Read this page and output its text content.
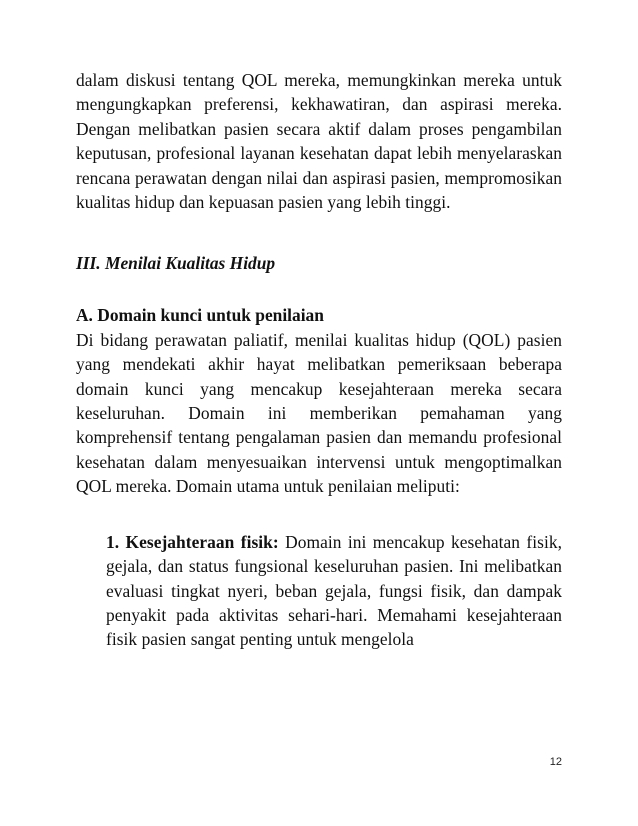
dalam diskusi tentang QOL mereka, memungkinkan mereka untuk mengungkapkan preferensi, kekhawatiran, dan aspirasi mereka. Dengan melibatkan pasien secara aktif dalam proses pengambilan keputusan, profesional layanan kesehatan dapat lebih menyelaraskan rencana perawatan dengan nilai dan aspirasi pasien, mempromosikan kualitas hidup dan kepuasan pasien yang lebih tinggi.

III. Menilai Kualitas Hidup
A. Domain kunci untuk penilaian

Di bidang perawatan paliatif, menilai kualitas hidup (QOL) pasien yang mendekati akhir hayat melibatkan pemeriksaan beberapa domain kunci yang mencakup kesejahteraan mereka secara keseluruhan. Domain ini memberikan pemahaman yang komprehensif tentang pengalaman pasien dan memandu profesional kesehatan dalam menyesuaikan intervensi untuk mengoptimalkan QOL mereka. Domain utama untuk penilaian meliputi:

1. Kesejahteraan fisik: Domain ini mencakup kesehatan fisik, gejala, dan status fungsional keseluruhan pasien. Ini melibatkan evaluasi tingkat nyeri, beban gejala, fungsi fisik, dan dampak penyakit pada aktivitas sehari-hari. Memahami kesejahteraan fisik pasien sangat penting untuk mengelola

12
